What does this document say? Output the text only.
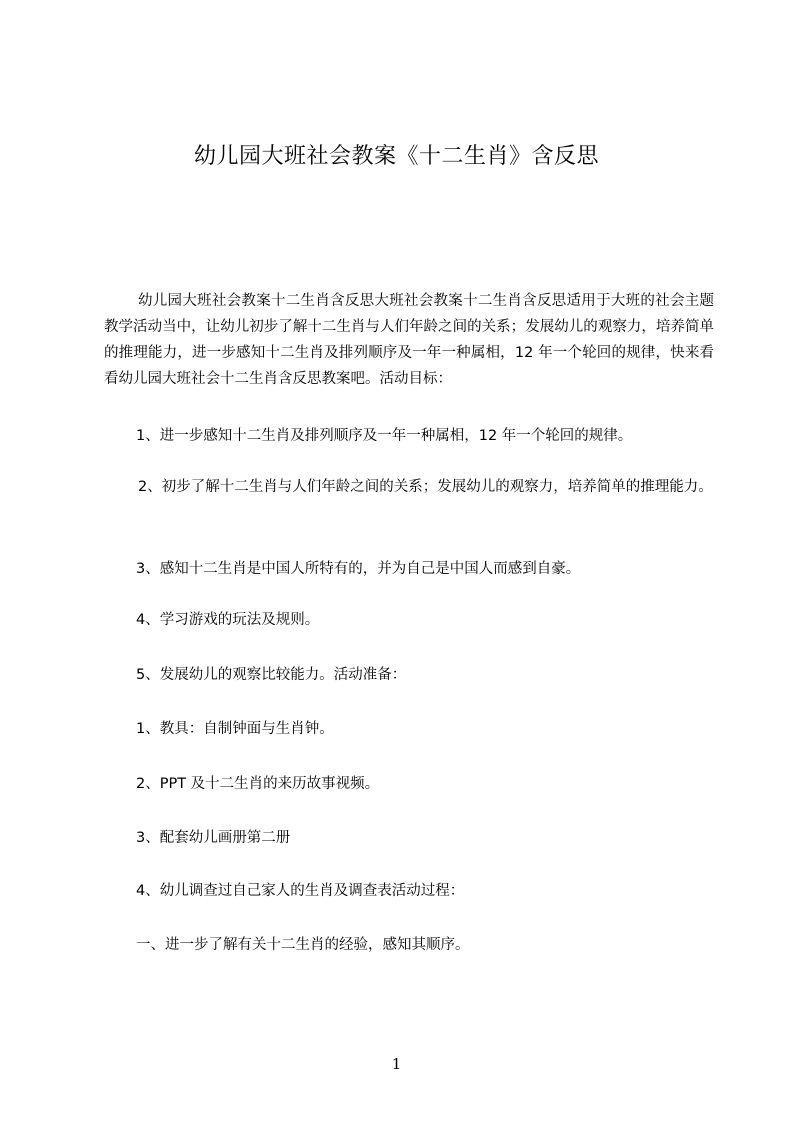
幼儿园大班社会教案《十二生肖》含反思
幼儿园大班社会教案十二生肖含反思大班社会教案十二生肖含反思适用于大班的社会主题教学活动当中，让幼儿初步了解十二生肖与人们年龄之间的关系；发展幼儿的观察力，培养简单的推理能力，进一步感知十二生肖及排列顺序及一年一种属相，12 年一个轮回的规律，快来看看幼儿园大班社会十二生肖含反思教案吧。活动目标：
1、进一步感知十二生肖及排列顺序及一年一种属相，12 年一个轮回的规律。
2、初步了解十二生肖与人们年龄之间的关系；发展幼儿的观察力，培养简单的推理能力。
3、感知十二生肖是中国人所特有的，并为自己是中国人而感到自豪。
4、学习游戏的玩法及规则。
5、发展幼儿的观察比较能力。活动准备：
1、教具：自制钟面与生肖钟。
2、PPT 及十二生肖的来历故事视频。
3、配套幼儿画册第二册
4、幼儿调查过自己家人的生肖及调查表活动过程：
一、进一步了解有关十二生肖的经验，感知其顺序。
1
